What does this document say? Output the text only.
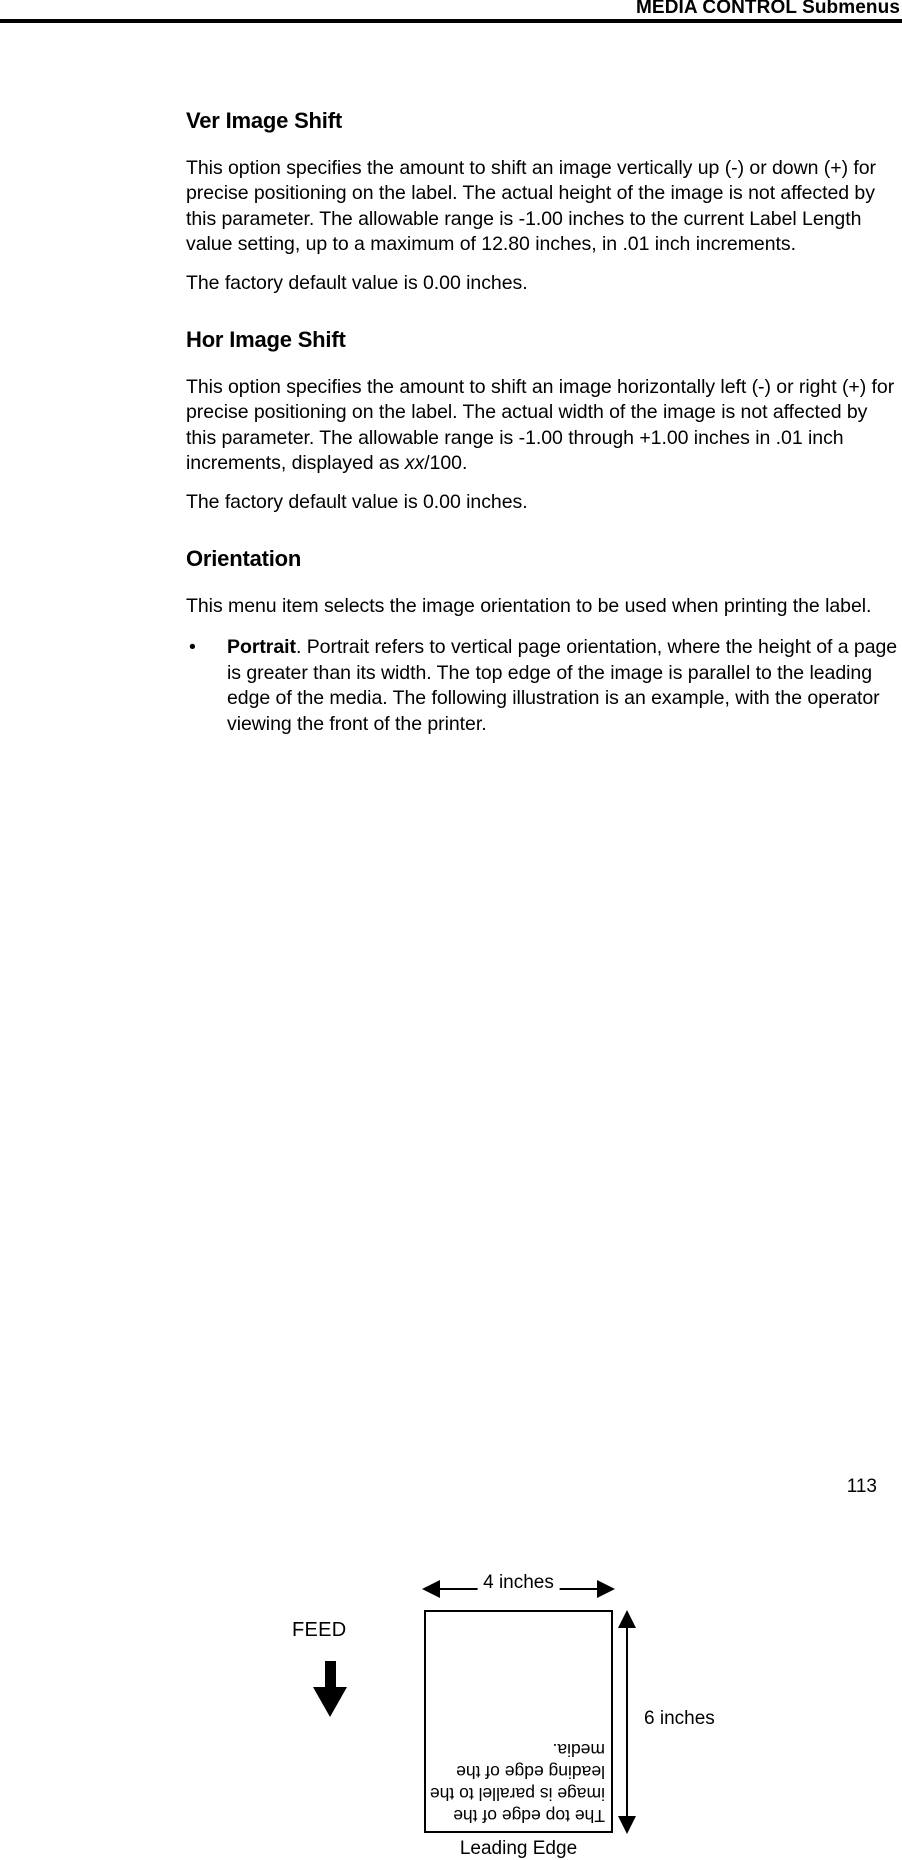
MEDIA CONTROL Submenus
Ver Image Shift

This option specifies the amount to shift an image vertically up (-) or down (+) for precise positioning on the label. The actual height of the image is not affected by this parameter. The allowable range is -1.00 inches to the current Label Length value setting, up to a maximum of 12.80 inches, in .01 inch increments.

The factory default value is 0.00 inches.

Hor Image Shift

This option specifies the amount to shift an image horizontally left (-) or right (+) for precise positioning on the label. The actual width of the image is not affected by this parameter. The allowable range is -1.00 through +1.00 inches in .01 inch increments, displayed as xx/100.

The factory default value is 0.00 inches.

Orientation

This menu item selects the image orientation to be used when printing the label.

•	Portrait. Portrait refers to vertical page orientation, where the height of a page is greater than its width. The top edge of the image is parallel to the leading edge of the media. The following illustration is an example, with the operator viewing the front of the printer.
4 inches
The top edge of the image is parallel to the leading edge of the media.
6 inches
FEED
Leading Edge
113
